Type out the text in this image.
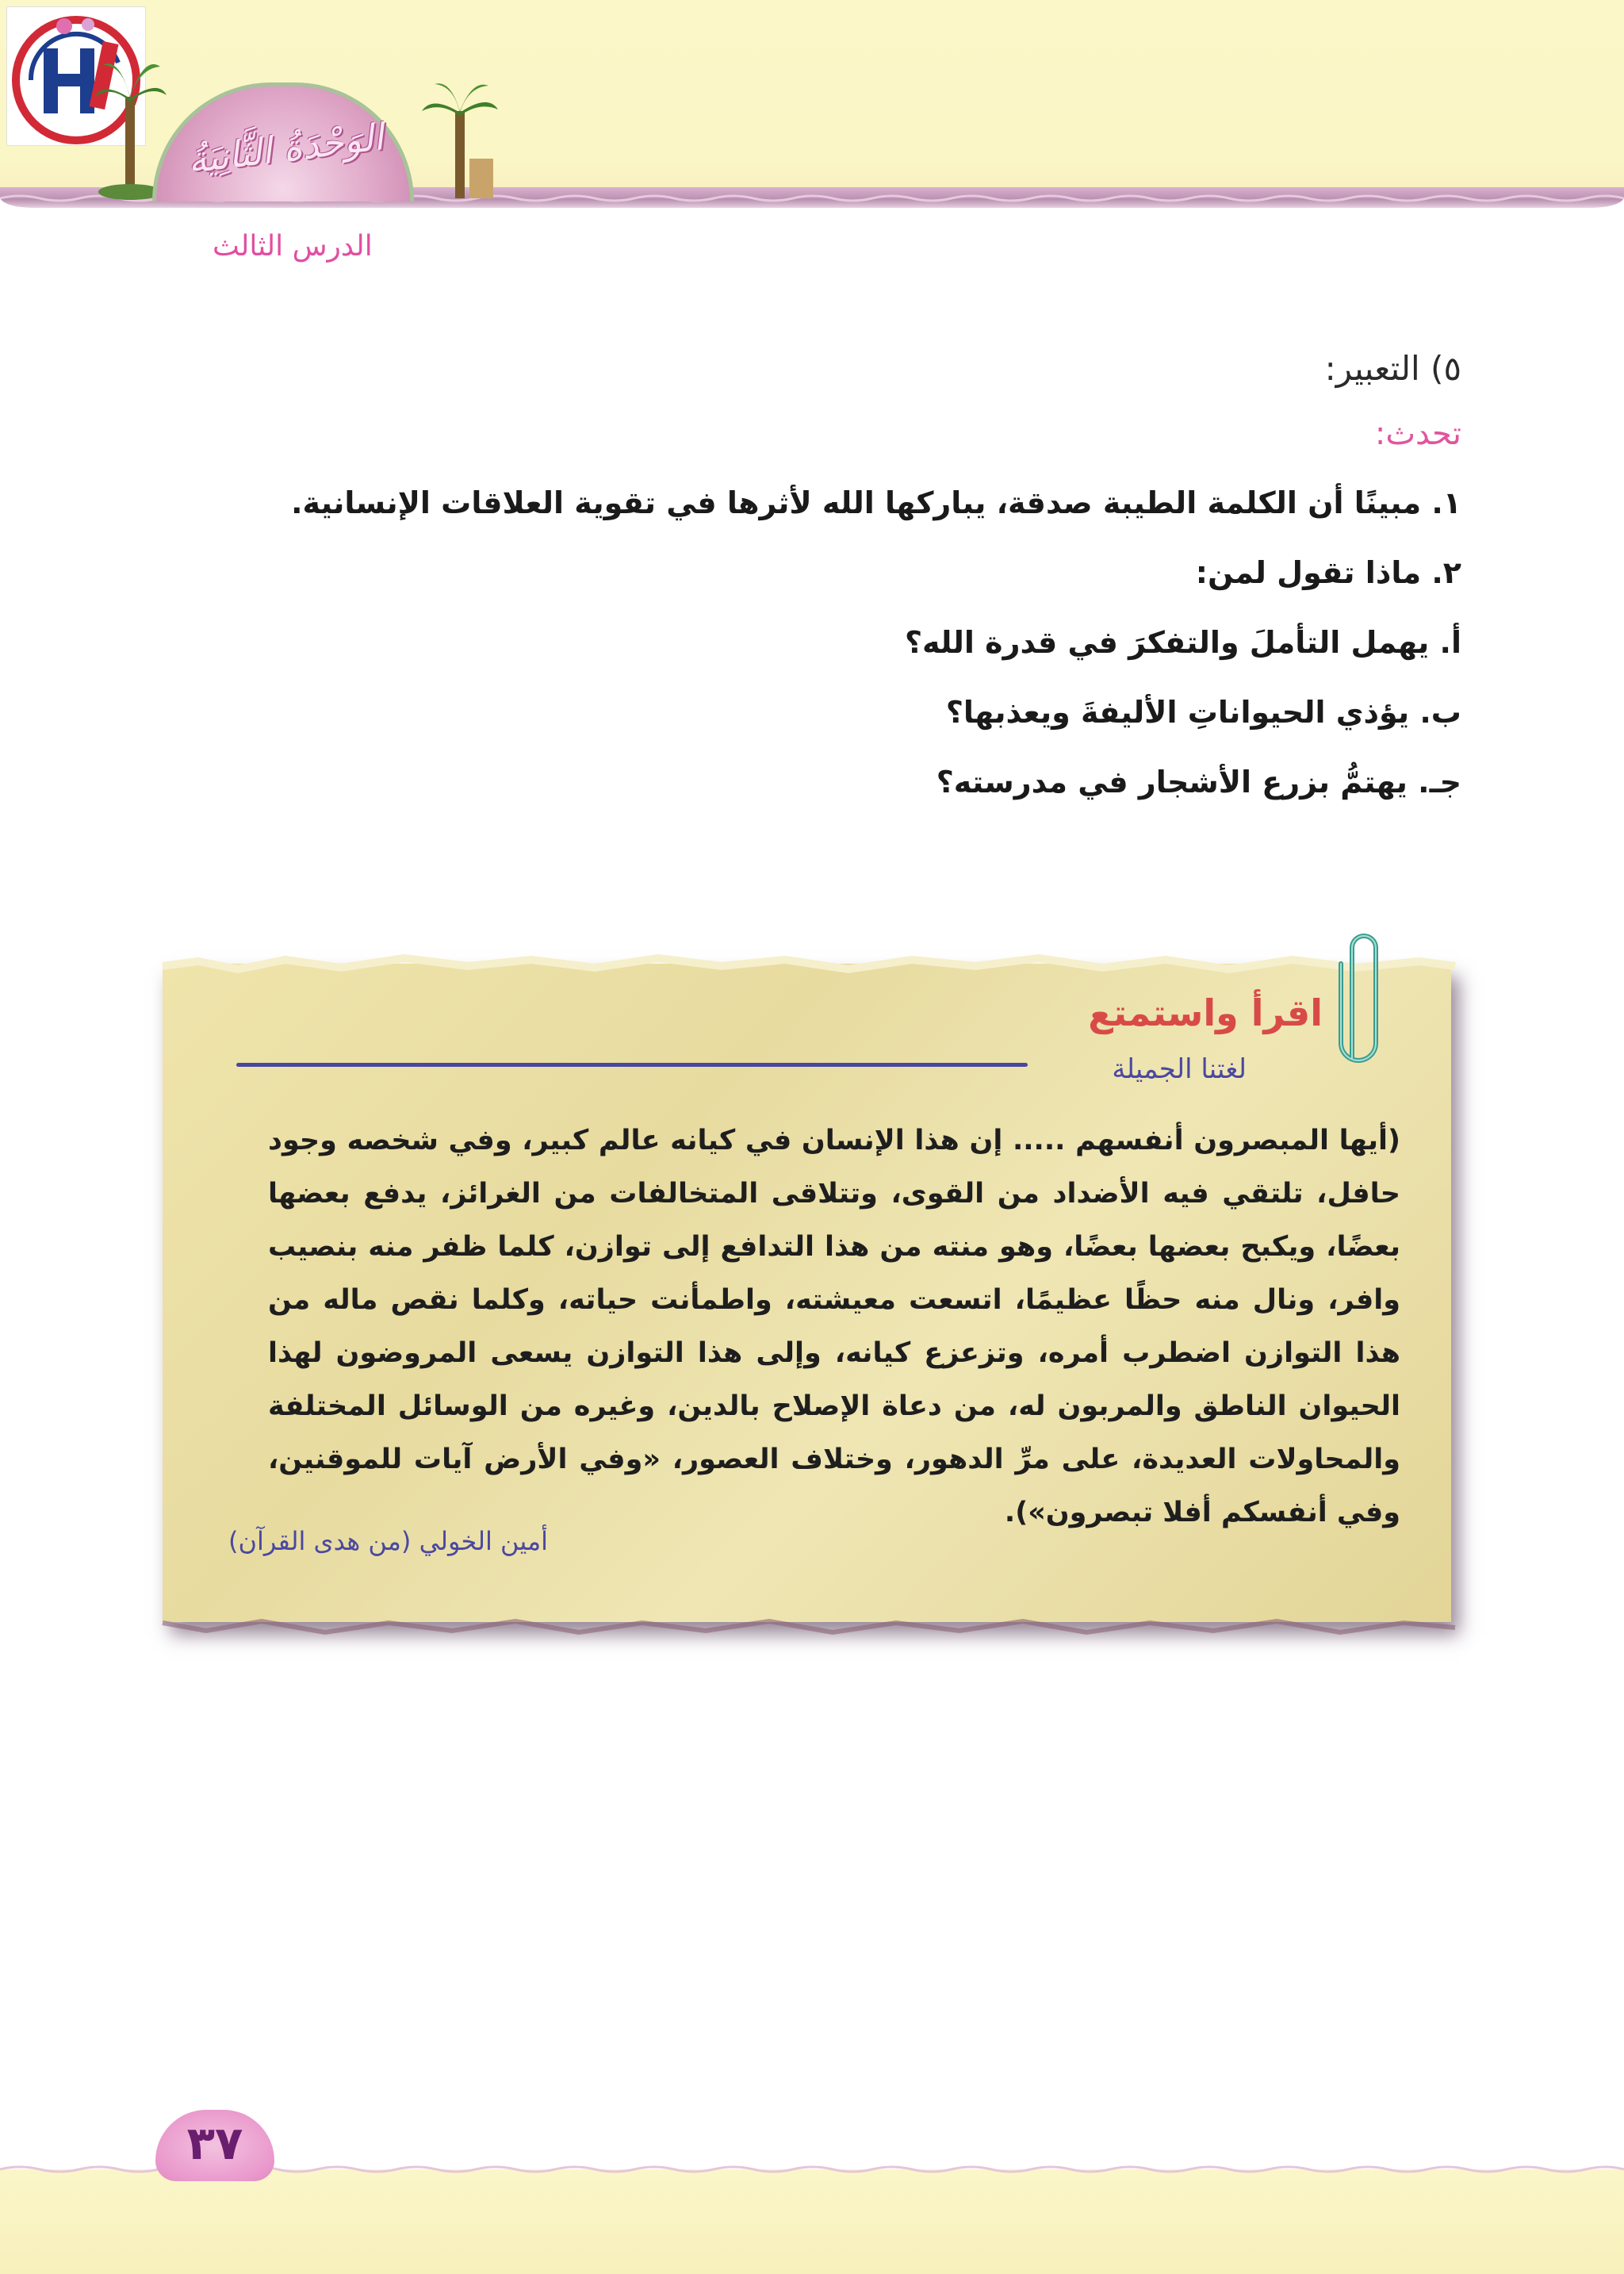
الوَحْدَةُ الثَّانِيَةُ
الدرس الثالث
٥) التعبير:
تحدث:
١. مبينًا أن الكلمة الطيبة صدقة، يباركها الله لأثرها في تقوية العلاقات الإنسانية.
٢. ماذا تقول لمن:
أ. يهمل التأملَ والتفكرَ في قدرة الله؟
ب. يؤذي الحيواناتِ الأليفةَ ويعذبها؟
جـ. يهتمُّ بزرع الأشجار في مدرسته؟
اقرأ واستمتع
لغتنا الجميلة
(أيها المبصرون أنفسهم ..... إن هذا الإنسان في كيانه عالم كبير، وفي شخصه وجود حافل، تلتقي فيه الأضداد من القوى، وتتلاقى المتخالفات من الغرائز، يدفع بعضها بعضًا، ويكبح بعضها بعضًا، وهو منته من هذا التدافع إلى توازن، كلما ظفر منه بنصيب وافر، ونال منه حظًا عظيمًا، اتسعت معيشته، واطمأنت حياته، وكلما نقص ماله من هذا التوازن اضطرب أمره، وتزعزع كيانه، وإلى هذا التوازن يسعى المروضون لهذا الحيوان الناطق والمربون له، من دعاة الإصلاح بالدين، وغيره من الوسائل المختلفة والمحاولات العديدة، على مرِّ الدهور، وختلاف العصور، «وفي الأرض آيات للموقنين، وفي أنفسكم أفلا تبصرون»).
أمين الخولي (من هدى القرآن)
٣٧
